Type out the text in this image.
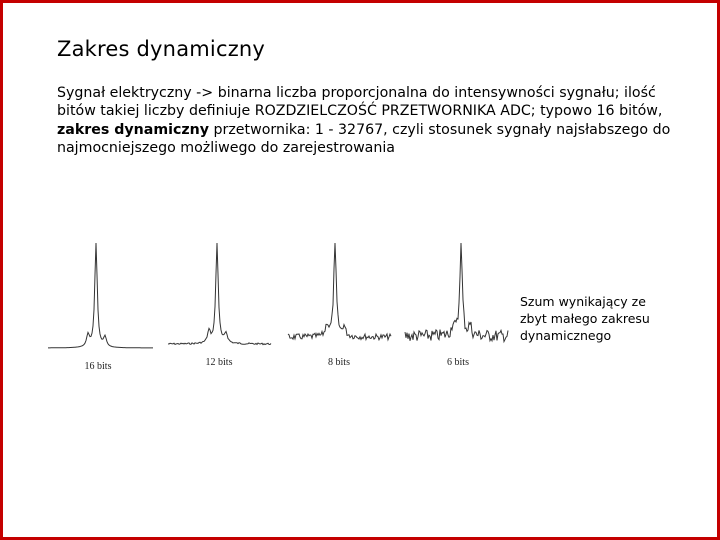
Zakres dynamiczny
Sygnał elektryczny -> binarna liczba proporcjonalna do intensywności sygnału; ilość bitów takiej liczby definiuje ROZDZIELCZOŚĆ PRZETWORNIKA ADC; typowo 16 bitów, zakres dynamiczny przetwornika: 1 - 32767, czyli stosunek sygnały najsłabszego do najmocniejszego możliwego do zarejestrowania
16 bits	12 bits	8 bits	6 bits
Szum wynikający ze zbyt małego zakresu dynamicznego
